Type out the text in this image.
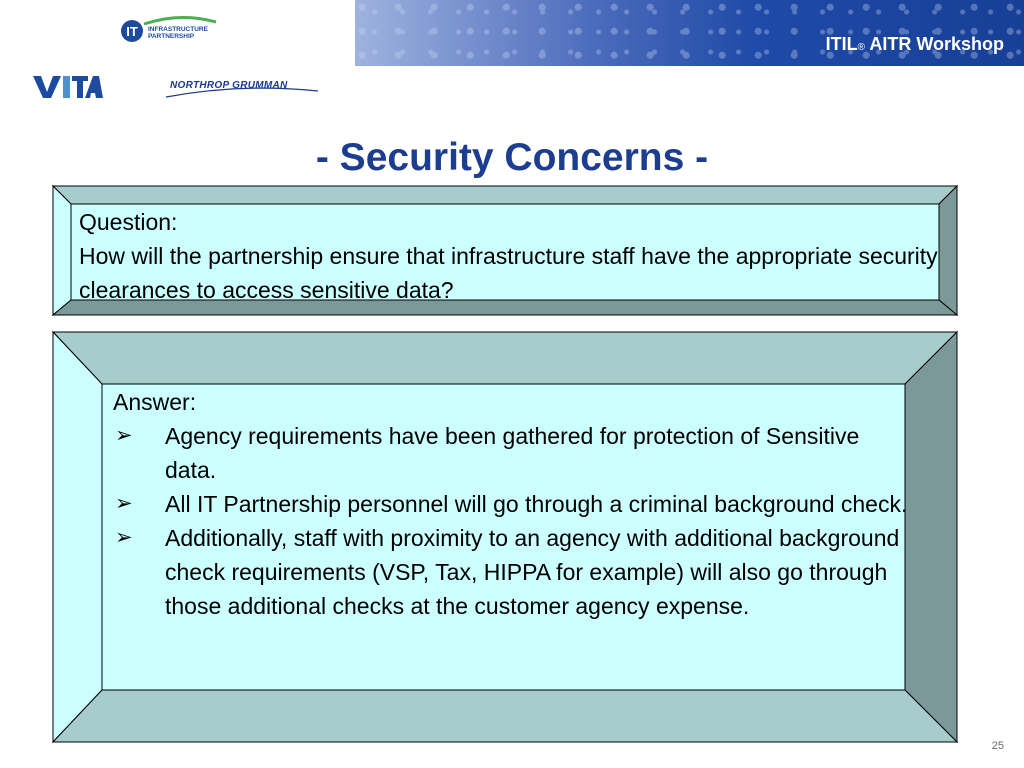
ITIL® AITR Workshop
IT INFRASTRUCTURE PARTNERSHIP
NORTHROP GRUMMAN
- Security Concerns -
Question:
How will the partnership ensure that infrastructure staff have the appropriate security clearances to access sensitive data?
Answer:
➢ Agency requirements have been gathered for protection of Sensitive data.
➢ All IT Partnership personnel will go through a criminal background check.
➢ Additionally, staff with proximity to an agency with additional background check requirements (VSP, Tax, HIPPA for example) will also go through those additional checks at the customer agency expense.
25
